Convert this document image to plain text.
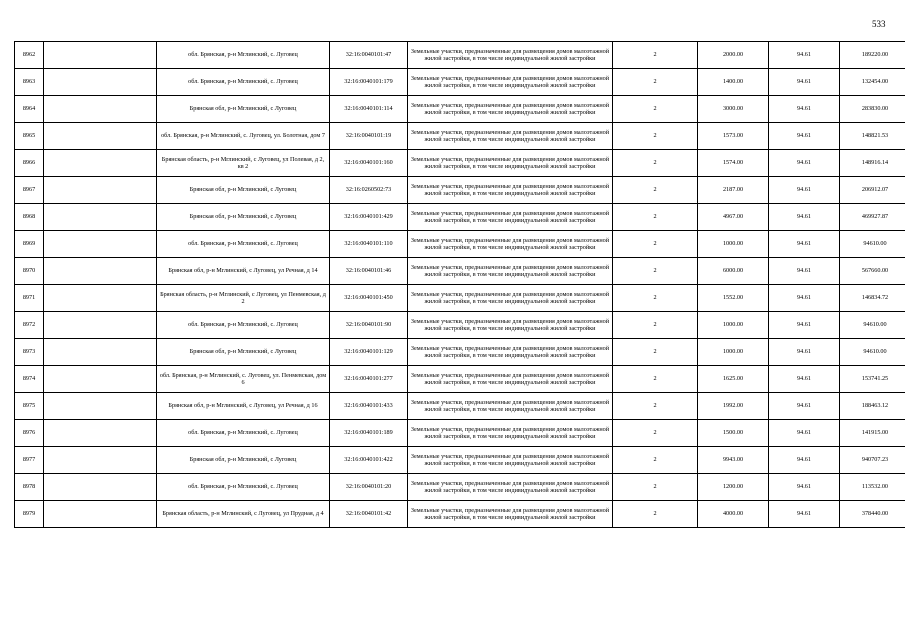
533
8962		обл. Брянская, р-н Мглинский, с. Луговец	32:16:0040101:47	Земельные участки, предназначенные для размещения домов малоэтажной жилой застройки, в том числе индивидуальной жилой застройки	2	2000.00	94.61	189220.00
8963		обл. Брянская, р-н Мглинский, с. Луговец	32:16:0040101:179	Земельные участки, предназначенные для размещения домов малоэтажной жилой застройки, в том числе индивидуальной жилой застройки	2	1400.00	94.61	132454.00
8964		Брянская обл, р-н Мглинский, с Луговец	32:16:0040101:114	Земельные участки, предназначенные для размещения домов малоэтажной жилой застройки, в том числе индивидуальной жилой застройки	2	3000.00	94.61	283830.00
8965		обл. Брянская, р-н Мглинский, с. Луговец, ул. Болотная, дом 7	32:16:0040101:19	Земельные участки, предназначенные для размещения домов малоэтажной жилой застройки, в том числе индивидуальной жилой застройки	2	1573.00	94.61	148821.53
8966		Брянская область, р-н Мглинский, с Луговец, ул Полевая, д 2, кв 2	32:16:0040101:160	Земельные участки, предназначенные для размещения домов малоэтажной жилой застройки, в том числе индивидуальной жилой застройки	2	1574.00	94.61	148916.14
8967		Брянская обл, р-н Мглинский, с Луговец	32:16:0260502:73	Земельные участки, предназначенные для размещения домов малоэтажной жилой застройки, в том числе индивидуальной жилой застройки	2	2187.00	94.61	206912.07
8968		Брянская обл, р-н Мглинский, с Луговец	32:16:0040101:429	Земельные участки, предназначенные для размещения домов малоэтажной жилой застройки, в том числе индивидуальной жилой застройки	2	4967.00	94.61	469927.87
8969		обл. Брянская, р-н Мглинский, с. Луговец	32:16:0040101:110	Земельные участки, предназначенные для размещения домов малоэтажной жилой застройки, в том числе индивидуальной жилой застройки	2	1000.00	94.61	94610.00
8970		Брянская обл, р-н Мглинский, с Луговец, ул Речная, д 14	32:16:0040101:46	Земельные участки, предназначенные для размещения домов малоэтажной жилой застройки, в том числе индивидуальной жилой застройки	2	6000.00	94.61	567660.00
8971		Брянская область, р-н Мглинский, с Луговец, ул Пенмевская, д 2	32:16:0040101:450	Земельные участки, предназначенные для размещения домов малоэтажной жилой застройки, в том числе индивидуальной жилой застройки	2	1552.00	94.61	146834.72
8972		обл. Брянская, р-н Мглинский, с. Луговец	32:16:0040101:90	Земельные участки, предназначенные для размещения домов малоэтажной жилой застройки, в том числе индивидуальной жилой застройки	2	1000.00	94.61	94610.00
8973		Брянская обл, р-н Мглинский, с Луговец	32:16:0040101:129	Земельные участки, предназначенные для размещения домов малоэтажной жилой застройки, в том числе индивидуальной жилой застройки	2	1000.00	94.61	94610.00
8974		обл. Брянская, р-н Мглинский, с. Луговец, ул. Пенмевская, дом 6	32:16:0040101:277	Земельные участки, предназначенные для размещения домов малоэтажной жилой застройки, в том числе индивидуальной жилой застройки	2	1625.00	94.61	153741.25
8975		Брянская обл, р-н Мглинский, с Луговец, ул Речная, д 16	32:16:0040101:433	Земельные участки, предназначенные для размещения домов малоэтажной жилой застройки, в том числе индивидуальной жилой застройки	2	1992.00	94.61	188463.12
8976		обл. Брянская, р-н Мглинский, с. Луговец	32:16:0040101:189	Земельные участки, предназначенные для размещения домов малоэтажной жилой застройки, в том числе индивидуальной жилой застройки	2	1500.00	94.61	141915.00
8977		Брянская обл, р-н Мглинский, с Луговец	32:16:0040101:422	Земельные участки, предназначенные для размещения домов малоэтажной жилой застройки, в том числе индивидуальной жилой застройки	2	9943.00	94.61	940707.23
8978		обл. Брянская, р-н Мглинский, с. Луговец	32:16:0040101:20	Земельные участки, предназначенные для размещения домов малоэтажной жилой застройки, в том числе индивидуальной жилой застройки	2	1200.00	94.61	113532.00
8979		Брянская область, р-н Мглинский, с Луговец, ул Прудная, д 4	32:16:0040101:42	Земельные участки, предназначенные для размещения домов малоэтажной жилой застройки, в том числе индивидуальной жилой застройки	2	4000.00	94.61	378440.00
